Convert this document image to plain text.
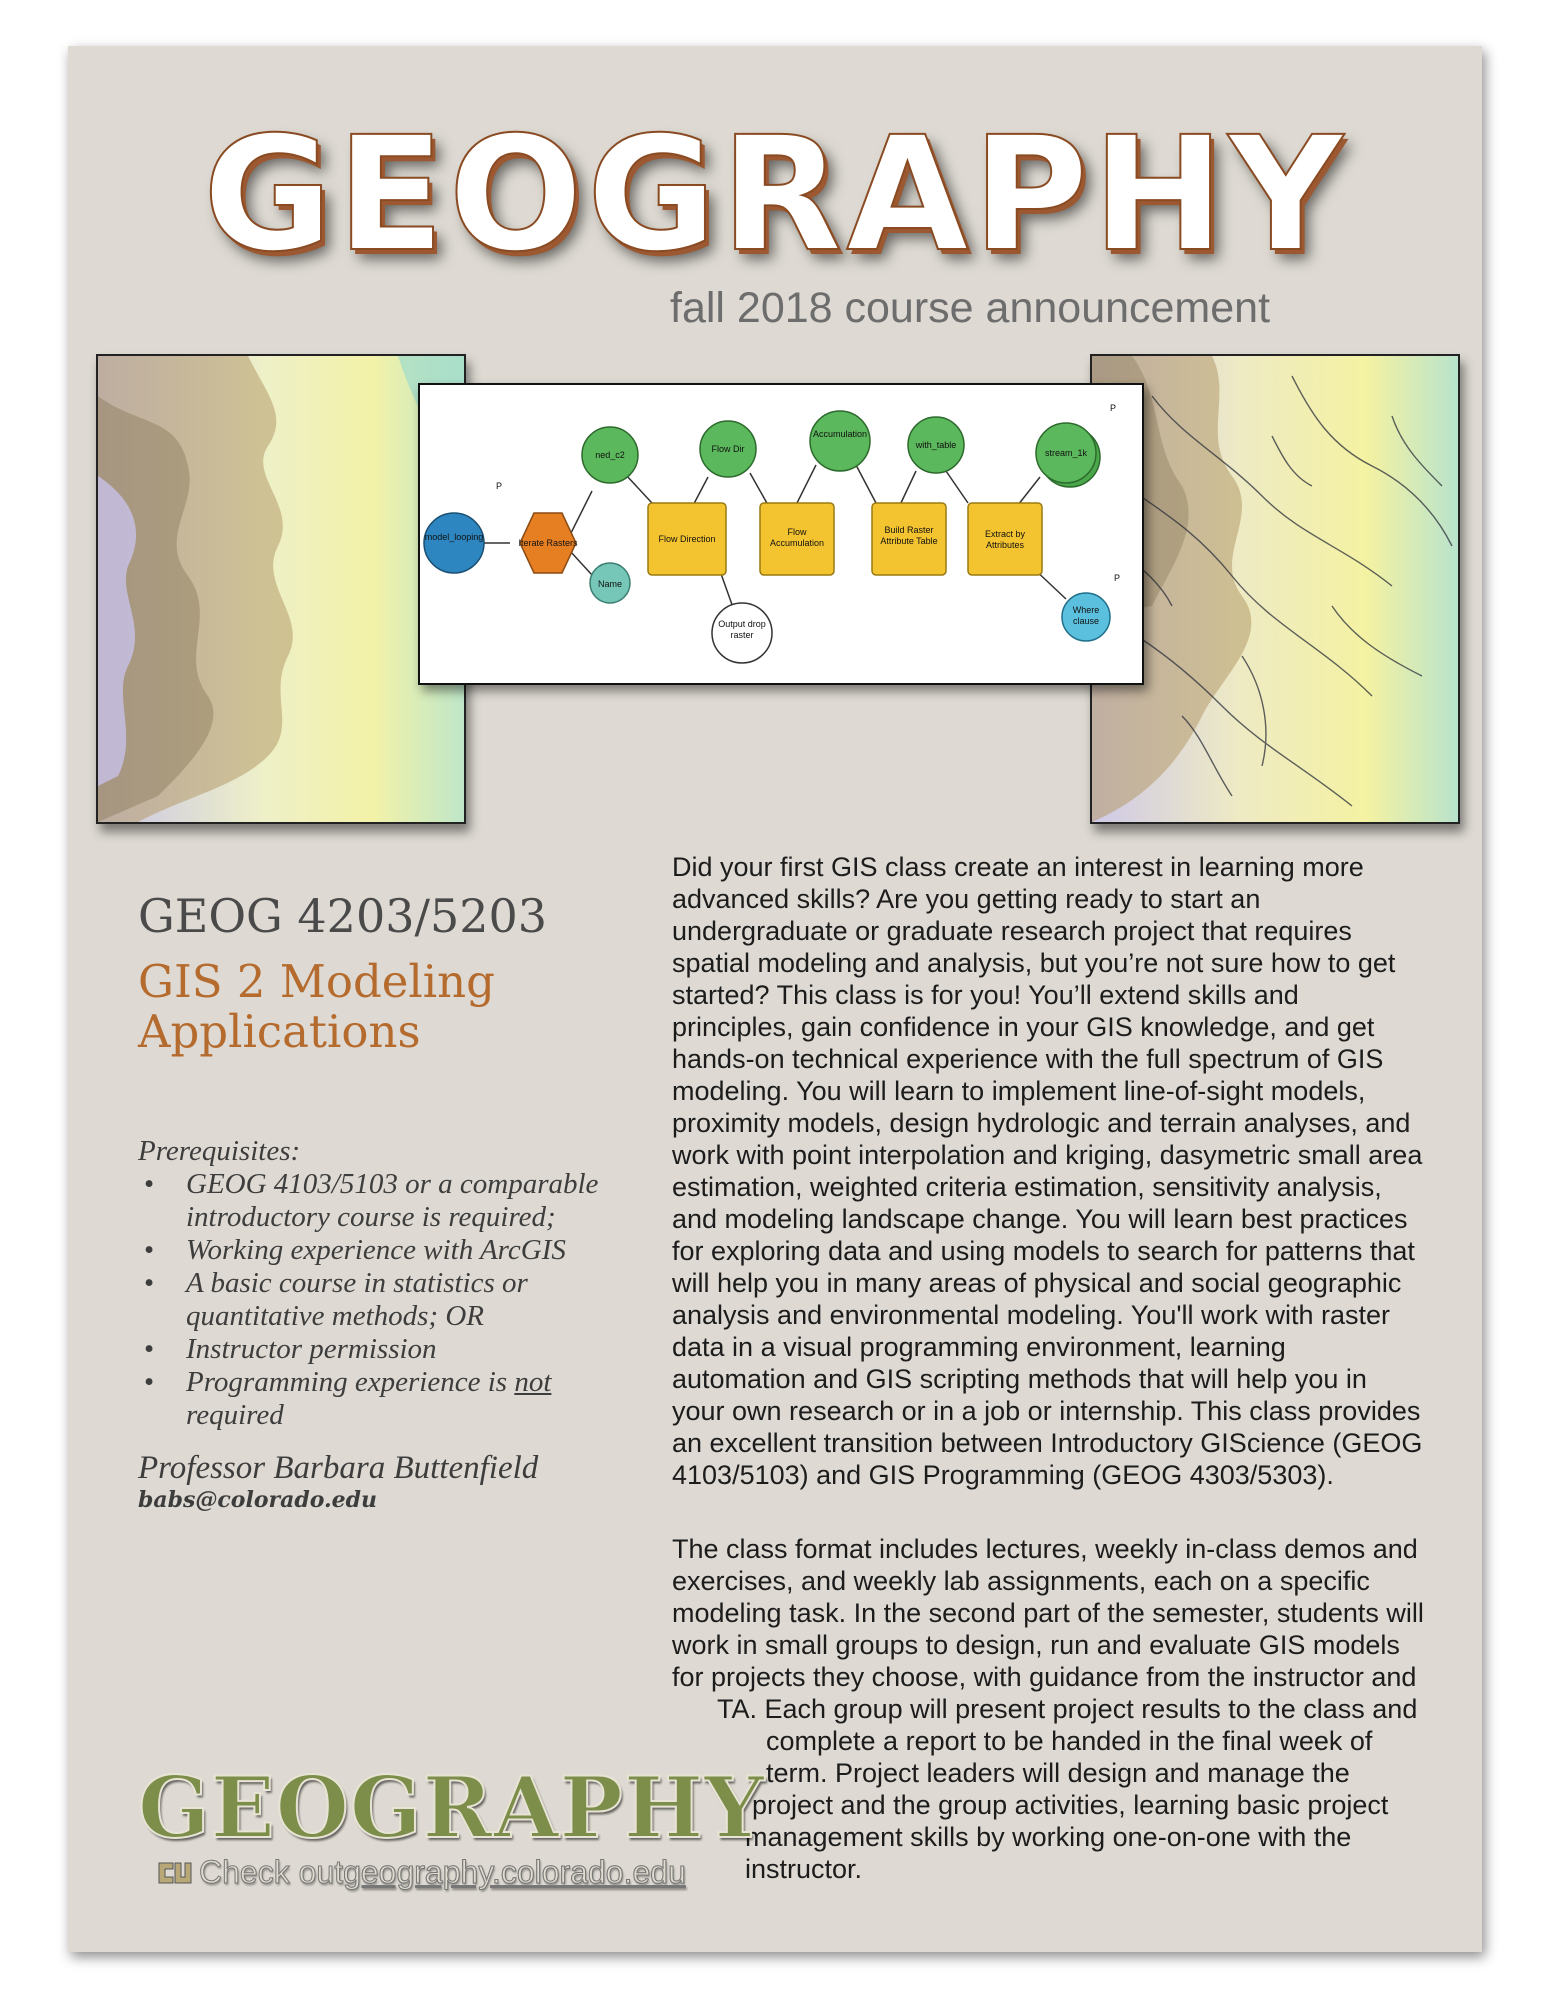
GEOGRAPHY
fall 2018 course announcement
model_looping
Iterate Rasters
P
Name
ned_c2
Flow Direction
Flow Dir
Output drop raster
Flow Accumulation
Accumulation
Build Raster Attribute Table
with_table
Extract by Attributes
stream_1k
P
Where clause
P
GEOG 4203/5203
GIS 2 Modeling
Applications
Prerequisites:
• GEOG 4103/5103 or a comparable
introductory course is required;
• Working experience with ArcGIS
• A basic course in statistics or
quantitative methods; OR
• Instructor permission
• Programming experience is not
required
Professor Barbara Buttenfield
babs@colorado.edu
Did your first GIS class create an interest in learning more
advanced skills? Are you getting ready to start an
undergraduate or graduate research project that requires
spatial modeling and analysis, but you’re not sure how to get
started? This class is for you! You’ll extend skills and
principles, gain confidence in your GIS knowledge, and get
hands-on technical experience with the full spectrum of GIS
modeling. You will learn to implement line-of-sight models,
proximity models, design hydrologic and terrain analyses, and
work with point interpolation and kriging, dasymetric small area
estimation, weighted criteria estimation, sensitivity analysis,
and modeling landscape change. You will learn best practices
for exploring data and using models to search for patterns that
will help you in many areas of physical and social geographic
analysis and environmental modeling. You'll work with raster
data in a visual programming environment, learning
automation and GIS scripting methods that will help you in
your own research or in a job or internship. This class provides
an excellent transition between Introductory GIScience (GEOG
4103/5103) and GIS Programming (GEOG 4303/5303).
The class format includes lectures, weekly in-class demos and
exercises, and weekly lab assignments, each on a specific
modeling task. In the second part of the semester, students will
work in small groups to design, run and evaluate GIS models
for projects they choose, with guidance from the instructor and
TA. Each group will present project results to the class and
complete a report to be handed in the final week of
term. Project leaders will design and manage the
project and the group activities, learning basic project
management skills by working one-on-one with the
instructor.
GEOGRAPHY
Check out geography.colorado.edu
